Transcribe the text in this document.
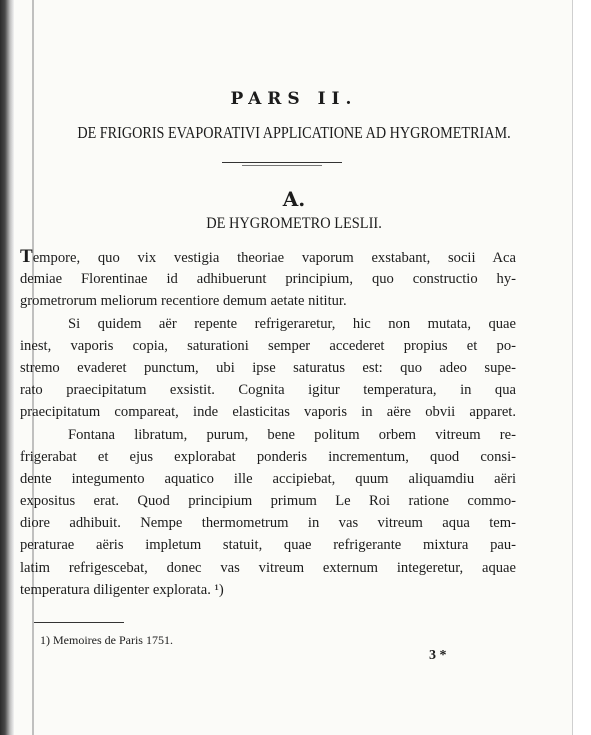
PARS II.
DE FRIGORIS EVAPORATIVI APPLICATIONE AD HYGROMETRIAM.
A.
DE HYGROMETRO LESLII.
Tempore, quo vix vestigia theoriae vaporum exstabant, socii Aca
demiae Florentinae id adhibuerunt principium, quo constructio hy-
grometrorum meliorum recentiore demum aetate nititur.
Si quidem aër repente refrigeraretur, hic non mutata, quae
inest, vaporis copia, saturationi semper accederet propius et po-
stremo evaderet punctum, ubi ipse saturatus est: quo adeo supe-
rato praecipitatum exsistit. Cognita igitur temperatura, in qua
praecipitatum compareat, inde elasticitas vaporis in aëre obvii apparet.
Fontana libratum, purum, bene politum orbem vitreum re-
frigerabat et ejus explorabat ponderis incrementum, quod consi-
dente integumento aquatico ille accipiebat, quum aliquamdiu aëri
expositus erat. Quod principium primum Le Roi ratione commo-
diore adhibuit. Nempe thermometrum in vas vitreum aqua tem-
peraturae aëris impletum statuit, quae refrigerante mixtura pau-
latim refrigescebat, donec vas vitreum externum integeretur, aquae
temperatura diligenter explorata. ¹)
1) Memoires de Paris 1751.
3 *
